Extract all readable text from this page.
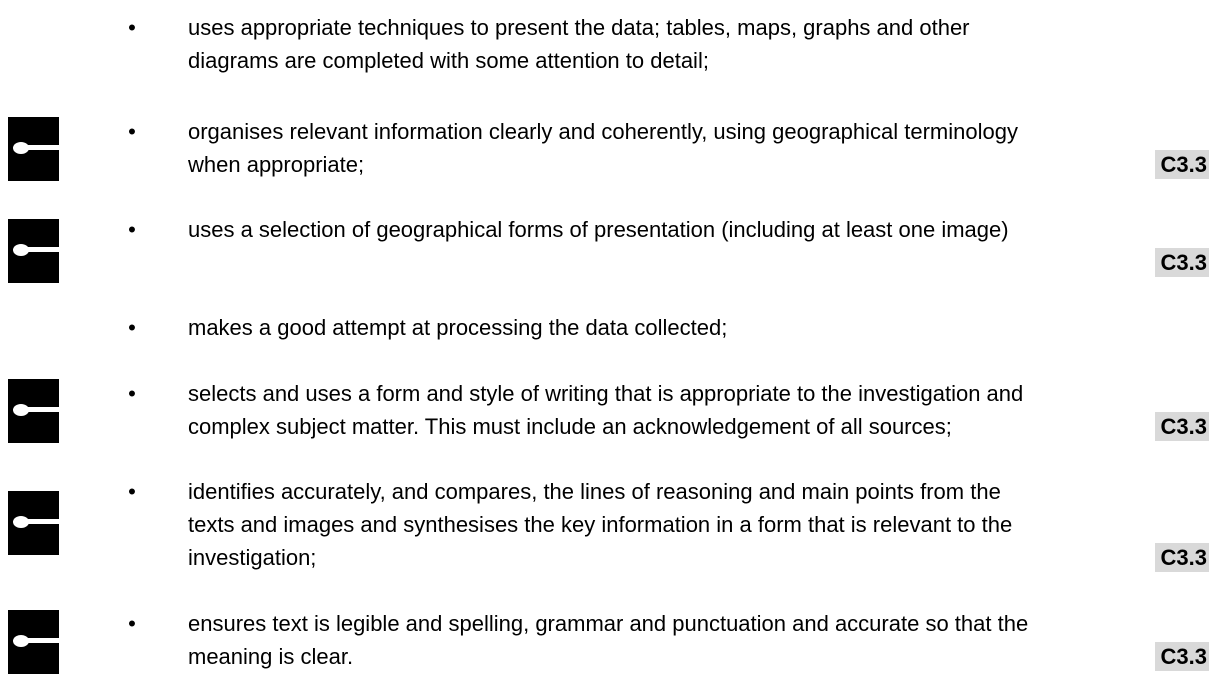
•	uses appropriate techniques to present the data; tables, maps, graphs and other
diagrams are completed with some attention to detail;
•	organises relevant information clearly and coherently, using geographical terminology
when appropriate;	C3.3
•	uses a selection of geographical forms of presentation (including at least one image)

C3.3
•	makes a good attempt at processing the data collected;
•	selects and uses a form and style of writing that is appropriate to the investigation and
complex subject matter. This must include an acknowledgement of all sources;	C3.3
•	identifies accurately, and compares, the lines of reasoning and main points from the
texts and images and synthesises the key information in a form that is relevant to the
investigation;	C3.3
•	ensures text is legible and spelling, grammar and punctuation and accurate so that the
meaning is clear.	C3.3
